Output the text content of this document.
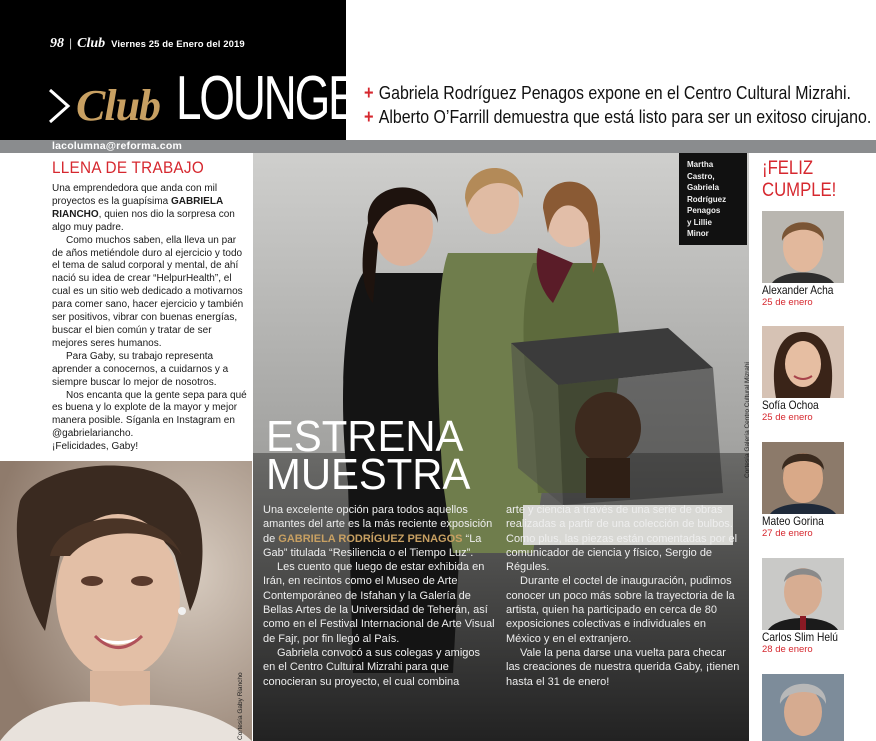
98 | Club Viernes 25 de Enero del 2019
Club LOUNGE + Gabriela Rodríguez Penagos expone en el Centro Cultural Mizrahi.
+ Alberto O’Farrill demuestra que está listo para ser un exitoso cirujano.
lacolumna@reforma.com
LLENA DE TRABAJO

Una emprendedora que anda con mil proyectos es la guapísima GABRIELA RIANCHO, quien nos dio la sorpresa con algo muy padre.

Como muchos saben, ella lleva un par de años metiéndole duro al ejercicio y todo el tema de salud corporal y mental, de ahí nació su idea de crear “HelpurHealth”, el cual es un sitio web dedicado a motivarnos para comer sano, hacer ejercicio y también ser positivos, vibrar con buenas energías, buscar el bien común y tratar de ser mejores seres humanos.

Para Gaby, su trabajo representa aprender a conocernos, a cuidarnos y a siempre buscar lo mejor de nosotros.

Nos encanta que la gente sepa para qué es buena y lo explote de la mayor y mejor manera posible. Síganla en Instagram en @gabrielariancho.

¡Felicidades, Gaby!

Cortesía Gaby Riancho
Martha
Castro,
Gabriela
Rodríguez
Penagos
y Lillie
Minor
Cortesía Galería Centro Cultural Mizrahi
ESTRENA
MUESTRA

Una excelente opción para todos aquellos amantes del arte es la más reciente exposición de GABRIELA RODRÍGUEZ PENAGOS “La Gab” titulada “Resiliencia o el Tiempo Luz”.

Les cuento que luego de estar exhibida en Irán, en recintos como el Museo de Arte Contemporáneo de Isfahan y la Galería de Bellas Artes de la Universidad de Teherán, así como en el Festival Internacional de Arte Visual de Fajr, por fin llegó al País.

Gabriela convocó a sus colegas y amigos en el Centro Cultural Mizrahi para que conocieran su proyecto, el cual combina

arte y ciencia a través de una serie de obras realizadas a partir de una colección de bulbos. Como plus, las piezas están comentadas por el comunicador de ciencia y físico, Sergio de Régules.

Durante el coctel de inauguración, pudimos conocer un poco más sobre la trayectoria de la artista, quien ha participado en cerca de 80 exposiciones colectivas e individuales en México y en el extranjero.

Vale la pena darse una vuelta para checar las creaciones de nuestra querida Gaby, ¡tienen hasta el 31 de enero!

¡FELIZ
CUMPLE!
Alexander Acha
25 de enero
Sofía Ochoa
25 de enero
Mateo Gorina
27 de enero
Carlos Slim Helú
28 de enero
